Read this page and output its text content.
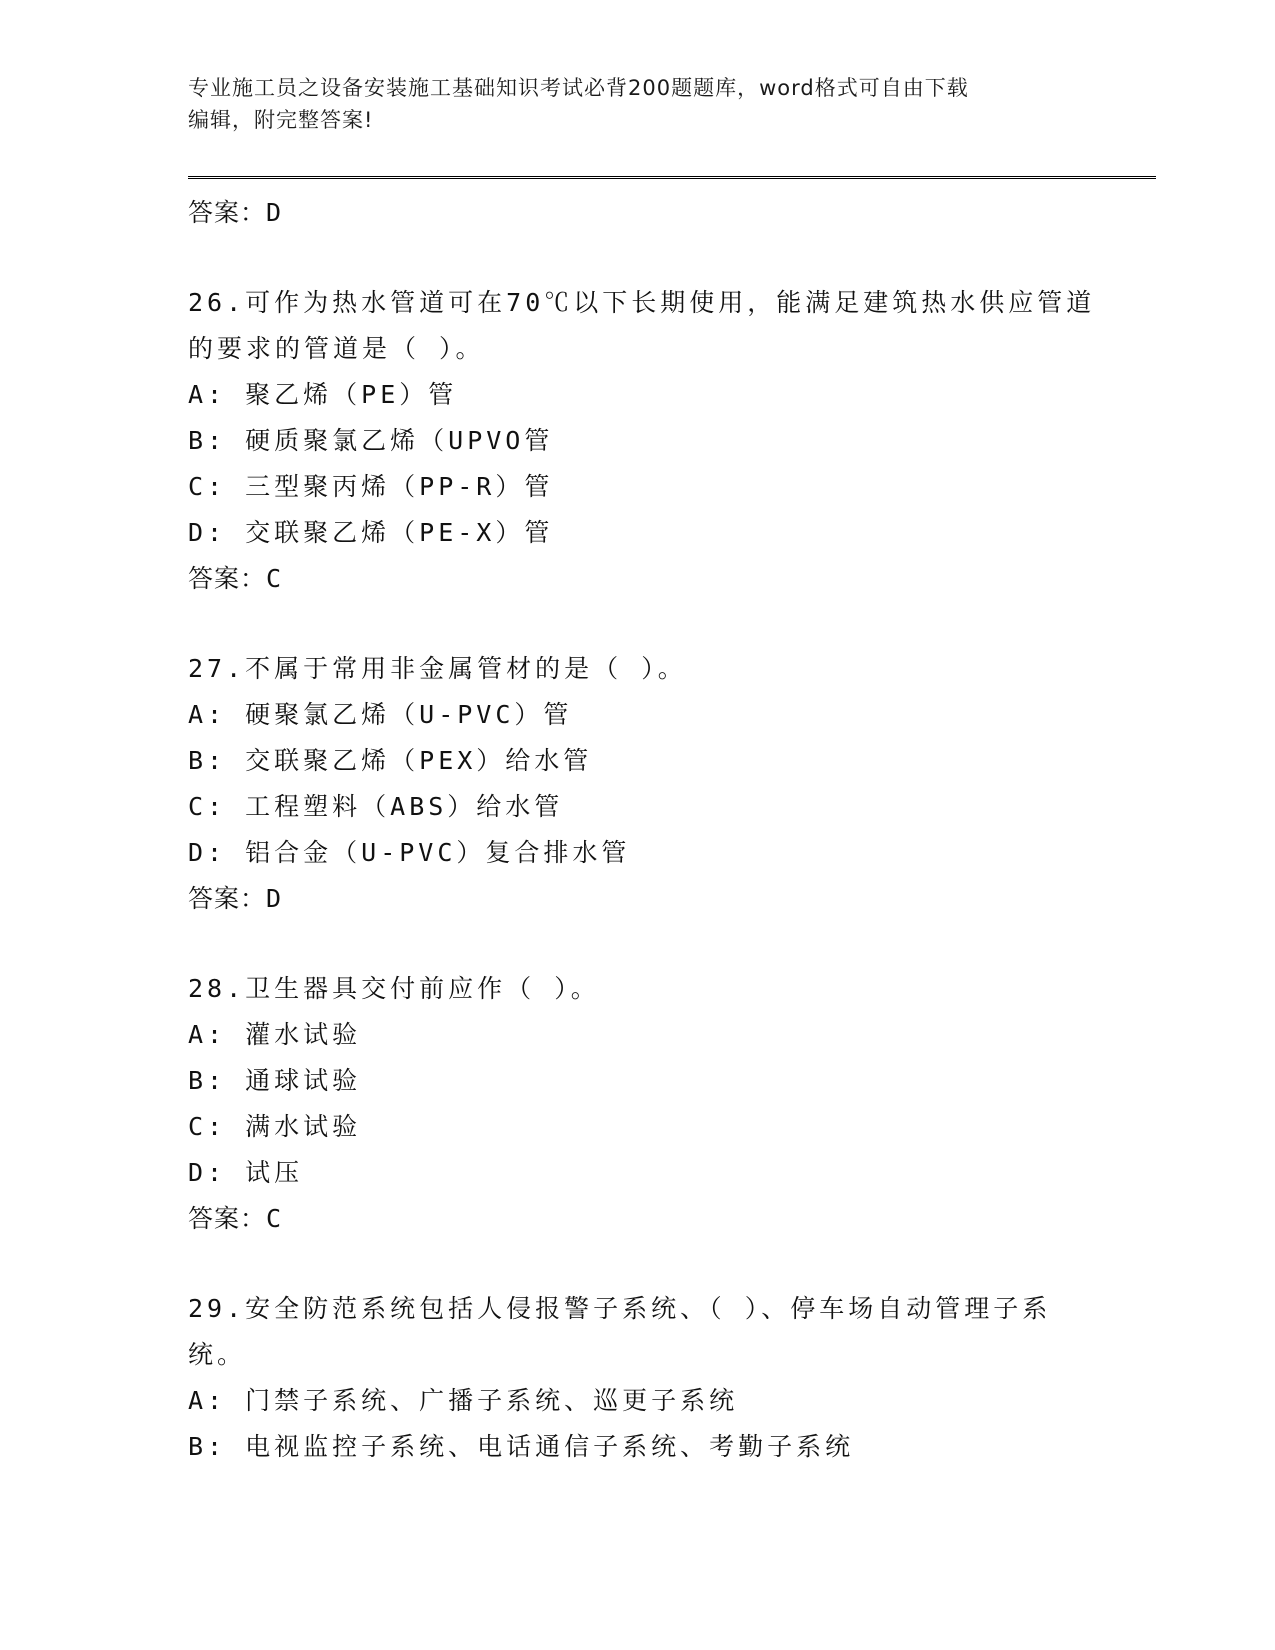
专业施工员之设备安装施工基础知识考试必背200题题库，word格式可自由下载
编辑，附完整答案!
答案：D
26.可作为热水管道可在70℃以下长期使用，能满足建筑热水供应管道
的要求的管道是（ ）。
A: 聚乙烯（PE）管
B: 硬质聚氯乙烯（UPVO管
C: 三型聚丙烯（PP-R）管
D: 交联聚乙烯（PE-X）管
答案：C
27.不属于常用非金属管材的是（ ）。
A: 硬聚氯乙烯（U-PVC）管
B: 交联聚乙烯（PEX）给水管
C: 工程塑料（ABS）给水管
D: 铝合金（U-PVC）复合排水管
答案：D
28.卫生器具交付前应作（ ）。
A: 灌水试验
B: 通球试验
C: 满水试验
D: 试压
答案：C
29.安全防范系统包括人侵报警子系统、（ ）、停车场自动管理子系
统。
A: 门禁子系统、广播子系统、巡更子系统
B: 电视监控子系统、电话通信子系统、考勤子系统
